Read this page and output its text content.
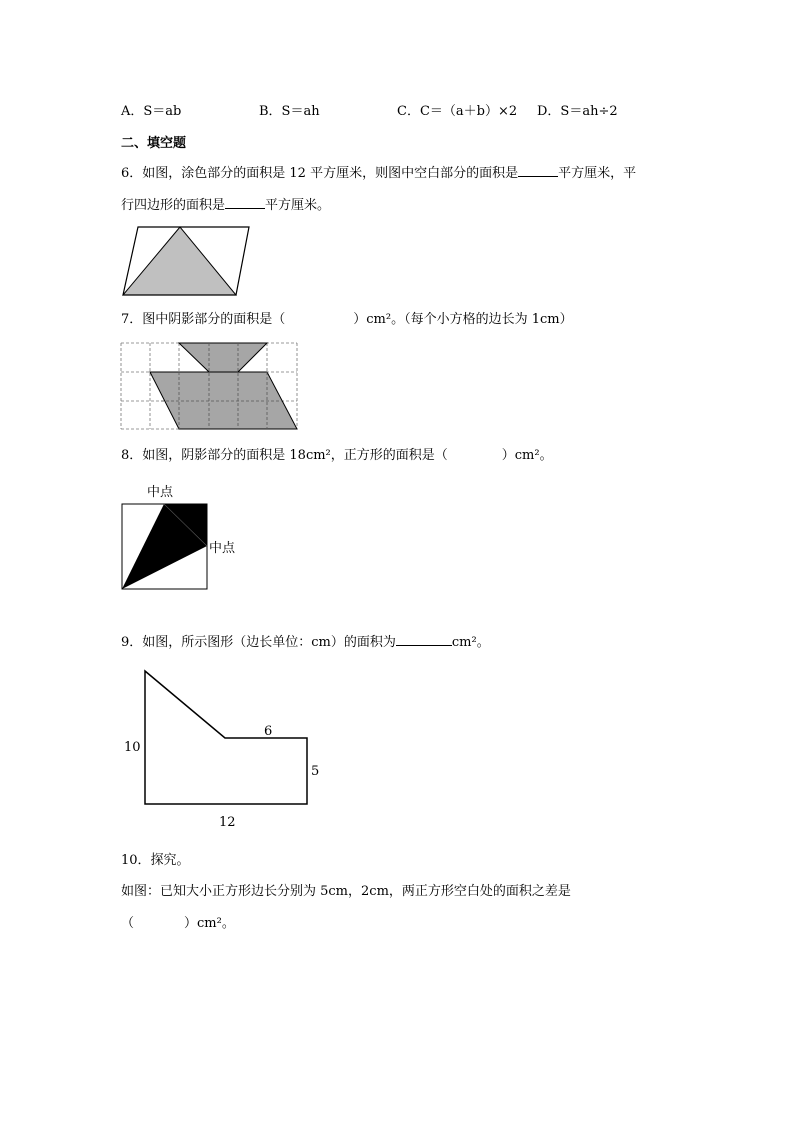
A．S＝ab	B．S＝ah	C．C＝（a＋b）×2 D．S＝ah÷2
二、填空题
6．如图，涂色部分的面积是 12 平方厘米，则图中空白部分的面积是	平方厘米，平
行四边形的面积是	平方厘米。
7．图中阴影部分的面积是（	）cm²。（每个小方格的边长为 1cm）
8．如图，阴影部分的面积是 18cm²，正方形的面积是（	）cm²。
中点
中点
9．如图，所示图形（边长单位：cm）的面积为	cm²。
10
6
5
12
10．探究。
如图：已知大小正方形边长分别为 5cm，2cm，两正方形空白处的面积之差是
（	）cm²。
